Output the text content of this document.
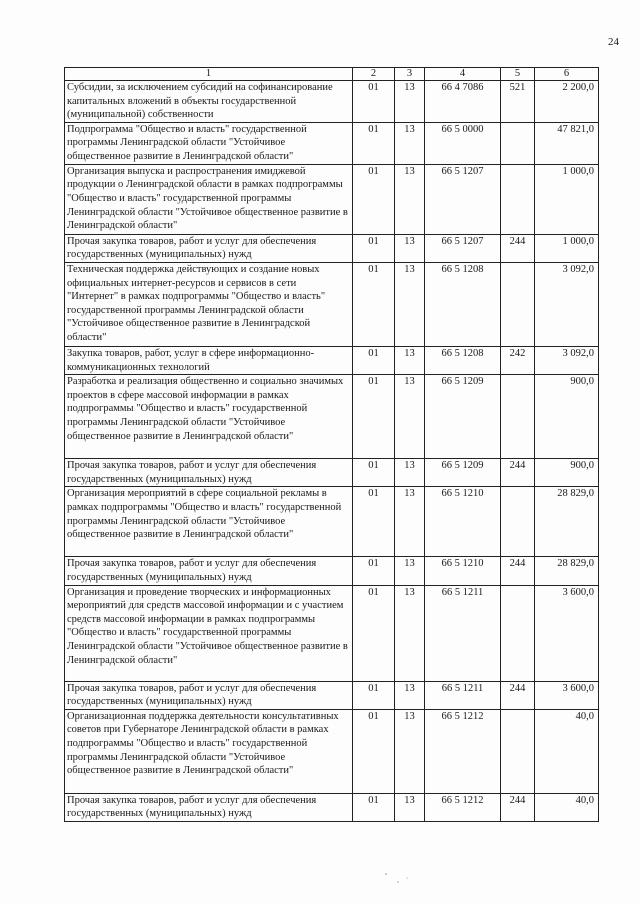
24
1	2	3	4	5	6
Субсидии, за исключением субсидий на софинансирование капитальных вложений в объекты государственной (муниципальной) собственности	01	13	66 4 7086	521	2 200,0
Подпрограмма "Общество и власть" государственной программы Ленинградской области "Устойчивое общественное развитие в Ленинградской области"	01	13	66 5 0000		47 821,0
Организация выпуска и распространения имиджевой продукции о Ленинградской области в рамках подпрограммы "Общество и власть" государственной программы Ленинградской области "Устойчивое общественное развитие в Ленинградской области"	01	13	66 5 1207		1 000,0
Прочая закупка товаров, работ и услуг для обеспечения государственных (муниципальных) нужд	01	13	66 5 1207	244	1 000,0
Техническая поддержка действующих и создание новых официальных интернет-ресурсов и сервисов в сети "Интернет" в рамках подпрограммы "Общество и власть" государственной программы Ленинградской области "Устойчивое общественное развитие в Ленинградской области"	01	13	66 5 1208		3 092,0
Закупка товаров, работ, услуг в сфере информационно-коммуникационных технологий	01	13	66 5 1208	242	3 092,0
Разработка и реализация общественно и социально значимых проектов в сфере массовой информации в рамках подпрограммы "Общество и власть" государственной программы Ленинградской области "Устойчивое общественное развитие в Ленинградской области"	01	13	66 5 1209		900,0
Прочая закупка товаров, работ и услуг для обеспечения государственных (муниципальных) нужд	01	13	66 5 1209	244	900,0
Организация мероприятий в сфере социальной рекламы в рамках подпрограммы "Общество и власть" государственной программы Ленинградской области "Устойчивое общественное развитие в Ленинградской области"	01	13	66 5 1210		28 829,0
Прочая закупка товаров, работ и услуг для обеспечения государственных (муниципальных) нужд	01	13	66 5 1210	244	28 829,0
Организация и проведение творческих и информационных мероприятий для средств массовой информации и с участием средств массовой информации в рамках подпрограммы "Общество и власть" государственной программы Ленинградской области "Устойчивое общественное развитие в Ленинградской области"	01	13	66 5 1211		3 600,0
Прочая закупка товаров, работ и услуг для обеспечения государственных (муниципальных) нужд	01	13	66 5 1211	244	3 600,0
Организационная поддержка деятельности консультативных советов при Губернаторе Ленинградской области в рамках подпрограммы "Общество и власть" государственной программы Ленинградской области "Устойчивое общественное развитие в Ленинградской области"	01	13	66 5 1212		40,0
Прочая закупка товаров, работ и услуг для обеспечения государственных (муниципальных) нужд	01	13	66 5 1212	244	40,0
